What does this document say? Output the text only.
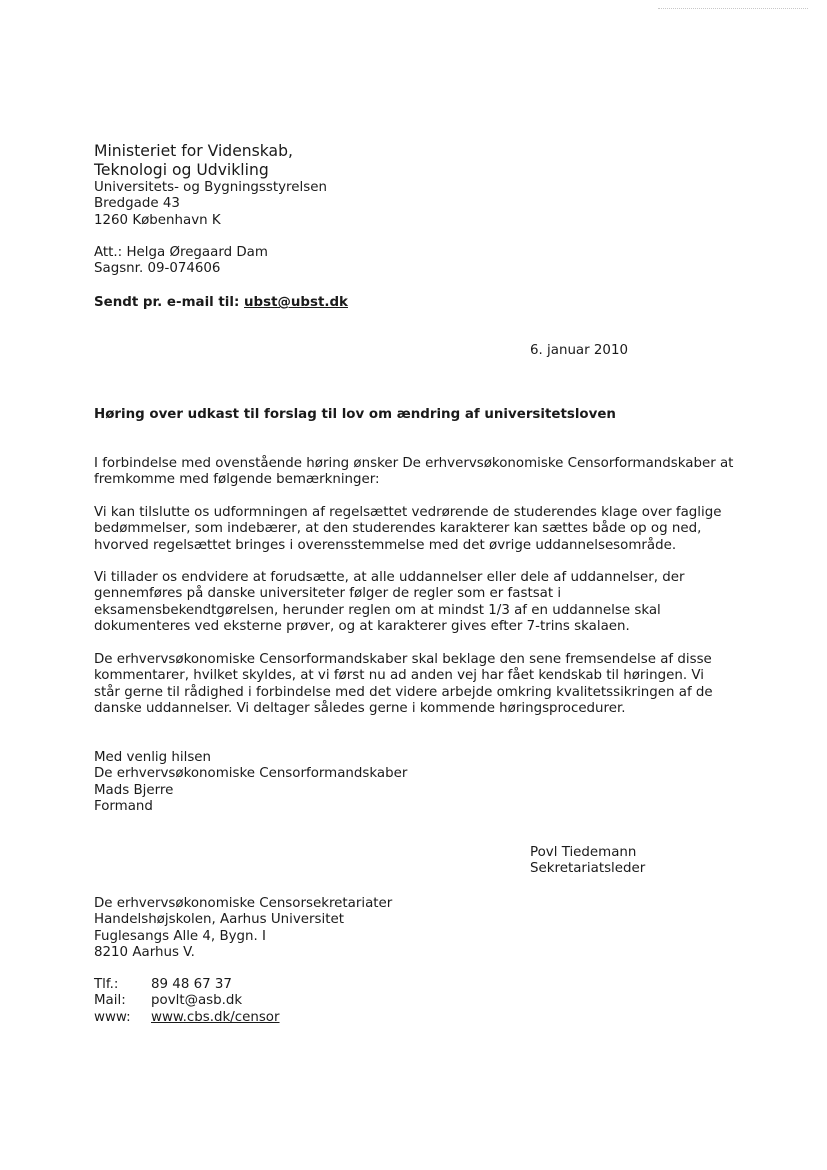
Ministeriet for Videnskab,
Teknologi og Udvikling
Universitets- og Bygningsstyrelsen
Bredgade 43
1260 København K
Att.: Helga Øregaard Dam
Sagsnr. 09-074606
Sendt pr. e-mail til: ubst@ubst.dk
6. januar 2010
Høring over udkast til forslag til lov om ændring af universitetsloven
I forbindelse med ovenstående høring ønsker De erhvervsøkonomiske Censorformandskaber at
fremkomme med følgende bemærkninger:
Vi kan tilslutte os udformningen af regelsættet vedrørende de studerendes klage over faglige
bedømmelser, som indebærer, at den studerendes karakterer kan sættes både op og ned,
hvorved regelsættet bringes i overensstemmelse med det øvrige uddannelsesområde.
Vi tillader os endvidere at forudsætte, at alle uddannelser eller dele af uddannelser, der
gennemføres på danske universiteter følger de regler som er fastsat i
eksamensbekendtgørelsen, herunder reglen om at mindst 1/3 af en uddannelse skal
dokumenteres ved eksterne prøver, og at karakterer gives efter 7-trins skalaen.
De erhvervsøkonomiske Censorformandskaber skal beklage den sene fremsendelse af disse
kommentarer, hvilket skyldes, at vi først nu ad anden vej har fået kendskab til høringen. Vi
står gerne til rådighed i forbindelse med det videre arbejde omkring kvalitetssikringen af de
danske uddannelser. Vi deltager således gerne i kommende høringsprocedurer.
Med venlig hilsen
De erhvervsøkonomiske Censorformandskaber
Mads Bjerre
Formand
Povl Tiedemann
Sekretariatsleder
De erhvervsøkonomiske Censorsekretariater
Handelshøjskolen, Aarhus Universitet
Fuglesangs Alle 4, Bygn. I
8210 Aarhus V.
Tlf.: 89 48 67 37
Mail: povlt@asb.dk
www: www.cbs.dk/censor
